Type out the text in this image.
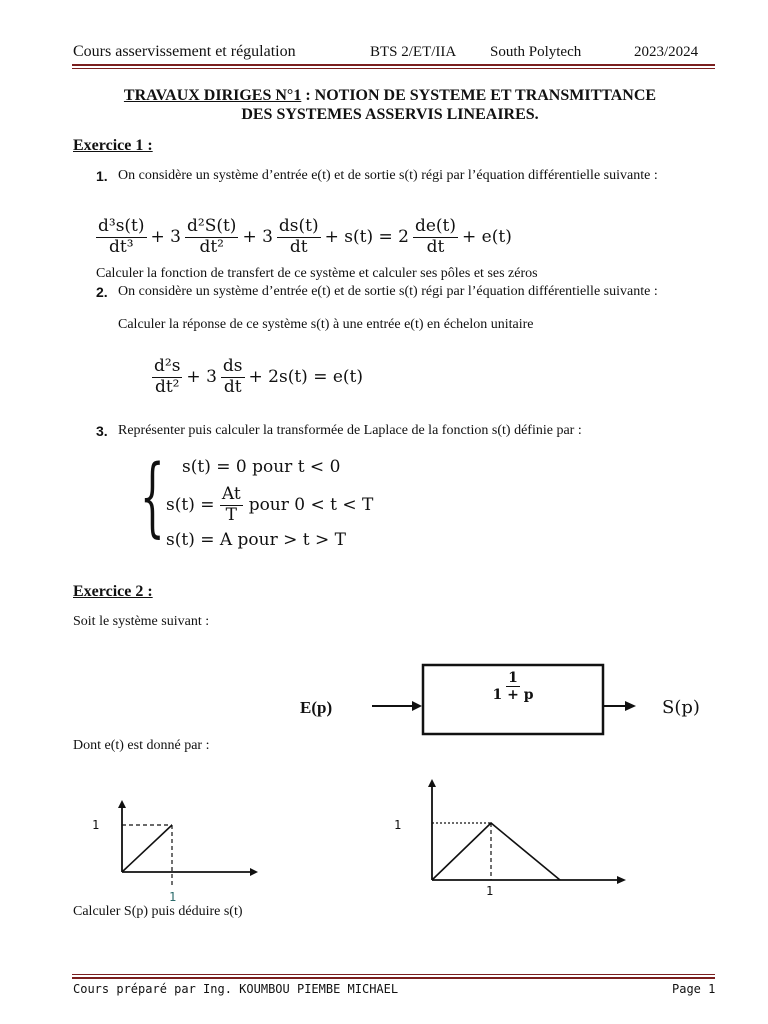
Cours asservissement et régulation	BTS 2/ET/IIA South Polytech	2023/2024
TRAVAUX DIRIGES N°1 : NOTION DE SYSTEME ET TRANSMITTANCE
DES SYSTEMES ASSERVIS LINEAIRES.
Exercice 1 :
1. On considère un système d’entrée e(t) et de sortie s(t) régi par l’équation différentielle suivante :
$\frac{\text{d³s(t)}}{\text{dt³}} + 3 \frac{\text{d²S(t)}}{\text{dt²}} + 3 \frac{ds(t)}{dt} + s(t) = 2 \frac{de(t)}{dt} + e(t)$
Calculer la fonction de transfert de ce système et calculer ses pôles et ses zéros
2. On considère un système d’entrée e(t) et de sortie s(t) régi par l’équation différentielle suivante :
Calculer la réponse de ce système s(t) à une entrée e(t) en échelon unitaire
$\frac{\text{d²s}}{\text{dt²}} + 3 \frac{ds}{dt} + 2s(t) = e(t)$
3. Représenter puis calculer la transformée de Laplace de la fonction s(t) définie par :
{ s(t) = 0 pour t < 0
$s(t) = \frac{At}{T}$ pour 0 < t < T
s(t) = A pour > t > T
Exercice 2 :
Soit le système suivant :
E(p)
$\frac{1}{1 + p}$
S(p)
Dont e(t) est donné par :
1
1
1
1
Calculer S(p) puis déduire s(t)
Cours préparé par Ing. KOUMBOU PIEMBE MICHAEL	Page 1
